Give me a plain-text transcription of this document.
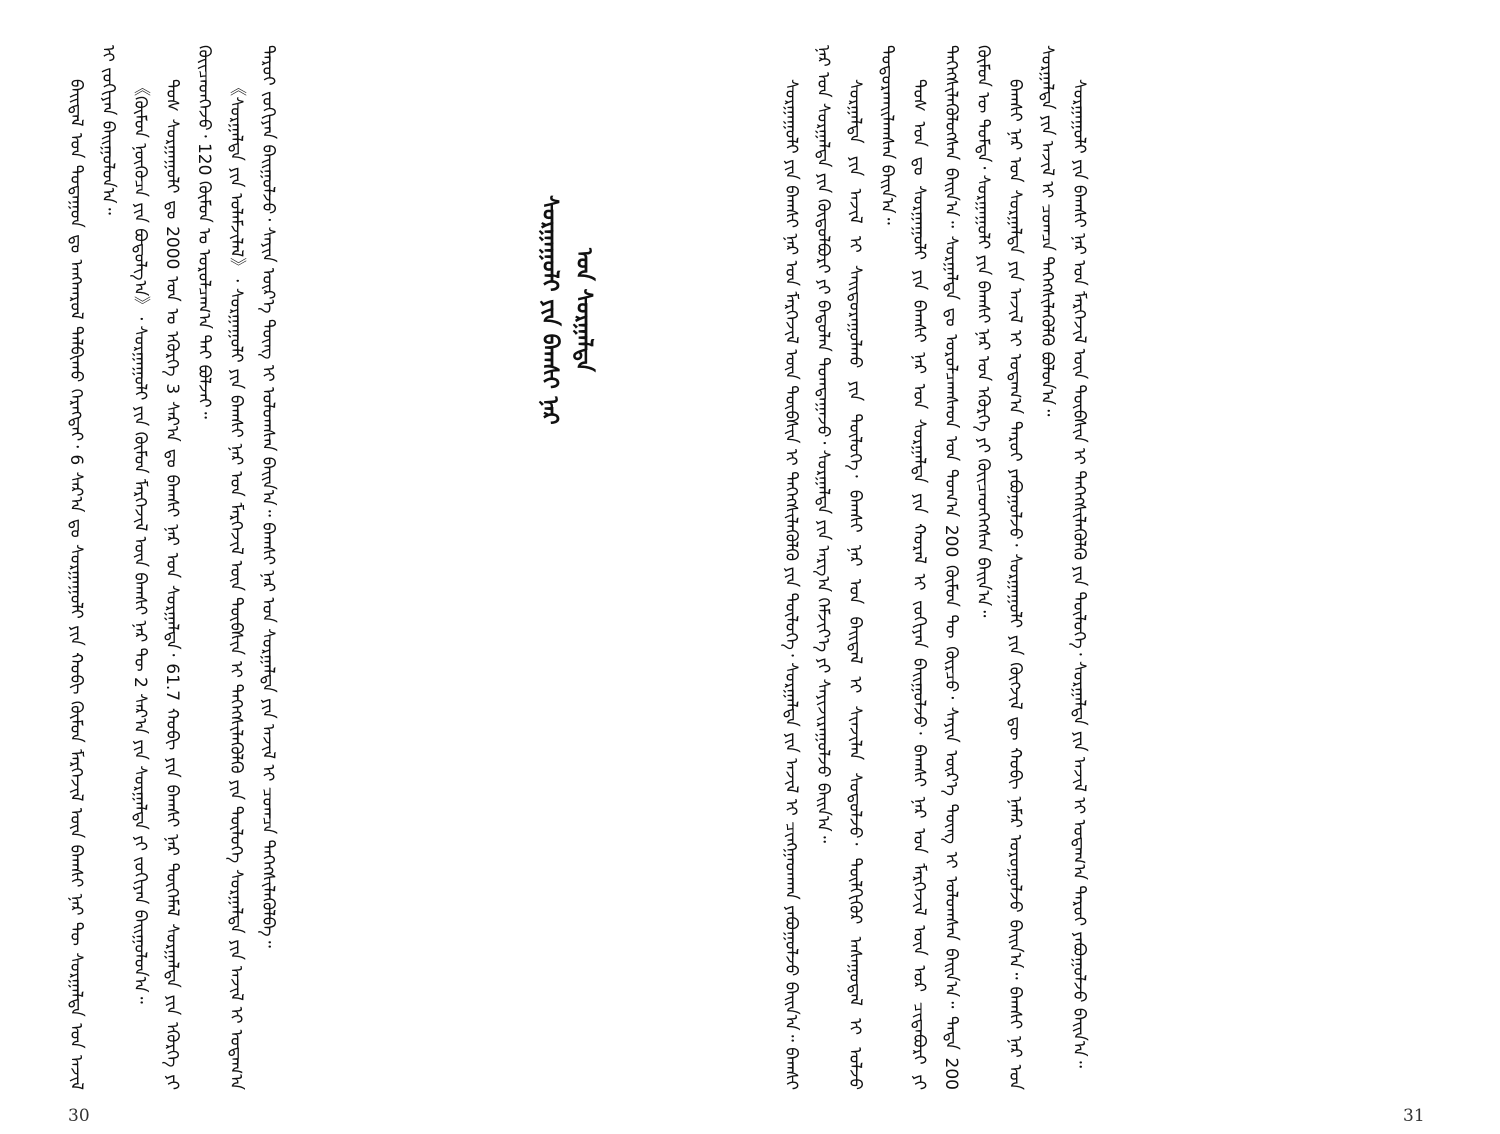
ᠪᠠᠢᠳᠠᠯ ᠤᠨ ᠳᠤᠲᠠᠭᠤᠨ ᠳᠤ ᠠᠩᠬᠠᠷᠤᠯ ᠲᠠᠯᠪᠢᠬᠤ ᠬᠡᠷᠡᠭᠲᠡᠢ᠂ 6 ᠰᠠᠷ᠎ᠠ ᠳᠤ ᠰᠤᠷᠭᠠᠭᠤᠯᠢ ᠶᠢᠨ ᠬᠤᠪᠢ ᠬᠦᠮᠦᠨ ᠮᠡᠷᠭᠡᠵᠢᠯ ᠦᠨ ᠪᠠᠭᠰᠢ ᠨᠠᠷ ᠲᠦ ᠰᠤᠷᠭᠠᠯᠲᠠ ᠤᠨ ᠠᠵᠢᠯ ᠢ ᠵᠤᠬᠢᠶᠠᠨ ᠪᠠᠢᠭᠤᠯᠤᠨ᠎ᠠ᠃ 《ᠬᠦᠮᠦᠨ ᠨᠥᠭᠦᠴᠡ ᠶᠢᠨ ᠪᠣᠳᠣᠯᠭ᠎ᠠ》᠂ ᠰᠤᠷᠭᠠᠭᠤᠯᠢ ᠶᠢᠨ ᠬᠦᠮᠦᠨ ᠮᠡᠷᠭᠡᠵᠢᠯ ᠦᠨ ᠪᠠᠭᠰᠢ ᠨᠠᠷ ᠲᠦ 2 ᠰᠠᠷ᠎ᠠ ᠶᠢᠨ ᠰᠤᠷᠭᠠᠯᠲᠠ ᠶᠢ ᠵᠤᠬᠢᠶᠠᠨ ᠪᠠᠢᠭᠤᠯᠤᠨ᠎ᠠ᠃ ᠲᠤᠰ ᠰᠤᠷᠭᠠᠭᠤᠯᠢ ᠳᠤ 2000 ᠣᠨ ᠤ ᠡᠭᠦᠷᠭᠡ 3 ᠰᠠᠷ᠎ᠠ ᠳᠤ ᠪᠠᠭᠰᠢ ᠨᠠᠷ ᠤᠨ ᠰᠤᠷᠭᠠᠯᠲᠠ᠂ 61.7 ᠬᠤᠪᠢ ᠶᠢᠨ ᠪᠠᠭᠰᠢ ᠨᠠᠷ ᠲᠦᠭᠡᠮᠡᠯ ᠰᠤᠷᠭᠠᠯᠲᠠ ᠶᠢᠨ ᠡᠭᠦᠷᠭᠡ ᠶᠢ ᠭᠦᠢᠴᠡᠳᠭᠡᠵᠦ᠂ 120 ᠬᠦᠮᠦᠨ ᠤ ᠤᠷᠤᠯᠴᠠᠭ᠎ᠠ ᠲᠠᠢ ᠪᠣᠯᠵᠠᠢ᠃ 《ᠰᠤᠷᠭᠠᠯᠲᠠ ᠶᠢᠨ ᠤᠯᠠᠮᠵᠢᠯᠠᠯ》᠂ ᠰᠤᠷᠭᠠᠭᠤᠯᠢ ᠶᠢᠨ ᠪᠠᠭᠰᠢ ᠨᠠᠷ ᠤᠨ ᠮᠡᠷᠭᠡᠵᠢᠯ ᠦᠨ ᠲᠦᠪᠰᠢᠨ ᠢ ᠳᠡᠭᠡᠭᠰᠢᠯᠡᠭᠦᠯᠬᠦ ᠶᠢᠨ ᠲᠥᠯᠥᠭᠡ ᠰᠤᠷᠭᠠᠯᠲᠠ ᠶᠢᠨ ᠠᠵᠢᠯ ᠢ ᠤᠳᠠᠭ᠎ᠠ ᠳᠠᠷᠤᠢ ᠵᠤᠬᠢᠶᠠᠨ ᠪᠠᠢᠭᠤᠯᠵᠤ᠂ ᠰᠠᠶᠢᠨ ᠦᠷ᠎ᠡ ᠳᠦᠩ ᠢ ᠣᠯᠤᠭᠰᠠᠨ ᠪᠠᠢᠨ᠎ᠠ᠃ ᠪᠠᠭᠰᠢ ᠨᠠᠷ ᠤᠨ ᠰᠤᠷᠭᠠᠯᠲᠠ ᠶᠢᠨ ᠠᠵᠢᠯ ᠢ ᠴᠤᠭᠴᠠ ᠳᠡᠭᠡᠭᠰᠢᠯᠡᠭᠦᠯᠪᠡ᠃	ᠰᠤᠷᠭᠠᠭᠤᠯᠢ ᠶᠢᠨ ᠪᠠᠭᠰᠢ ᠨᠠᠷ ᠤᠨ ᠰᠤᠷᠭᠠᠯᠲᠠ
30

ᠰᠤᠷᠭᠠᠭᠤᠯᠢ ᠶᠢᠨ ᠪᠠᠭᠰᠢ ᠨᠠᠷ ᠤᠨ ᠮᠡᠷᠭᠡᠵᠢᠯ ᠦᠨ ᠲᠦᠪᠰᠢᠨ ᠢ ᠳᠡᠭᠡᠭᠰᠢᠯᠡᠭᠦᠯᠬᠦ ᠶᠢᠨ ᠲᠥᠯᠥᠭᠡ᠂ ᠰᠤᠷᠭᠠᠯᠲᠠ ᠶᠢᠨ ᠠᠵᠢᠯ ᠢ ᠴᠢᠩᠭᠠᠳᠬᠠᠨ ᠶᠠᠪᠤᠭᠤᠯᠵᠤ ᠪᠠᠢᠨ᠎ᠠ᠃ ᠪᠠᠭᠰᠢ ᠨᠠᠷ ᠤᠨ ᠰᠤᠷᠭᠠᠯᠲᠠ ᠶᠢᠨ ᠬᠥᠲᠥᠯᠪᠦᠷᠢ ᠶᠢ ᠪᠠᠲᠤᠯᠠᠨ ᠲᠣᠭᠲᠠᠭᠠᠵᠤ᠂ ᠰᠤᠷᠭᠠᠯᠲᠠ ᠶᠢᠨ ᠠᠷᠭ᠎ᠠ ᠬᠡᠮᠵᠢᠶ᠎ᠡ ᠶᠢ ᠰᠠᠶᠢᠵᠢᠷᠠᠭᠤᠯᠵᠤ ᠪᠠᠢᠨ᠎ᠠ᠃ ᠰᠤᠷᠭᠠᠯᠲᠠ ᠶᠢᠨ ᠠᠵᠢᠯ ᠢ ᠰᠠᠢᠳᠤᠷᠠᠭᠤᠯᠬᠤ ᠶᠢᠨ ᠲᠥᠯᠥᠭᠡ᠂ ᠪᠠᠭᠰᠢ ᠨᠠᠷ ᠤᠨ ᠪᠠᠢᠳᠠᠯ ᠢ ᠰᠢᠨᠵᠢᠯᠡᠨ ᠰᠤᠳᠤᠯᠵᠤ᠂ ᠲᠦᠯᠬᠢᠭᠦᠷ ᠠᠰᠠᠭᠤᠳᠠᠯ ᠢ ᠣᠯᠵᠤ ᠲᠣᠳᠣᠷᠬᠠᠢᠯᠠᠭᠰᠠᠨ ᠪᠠᠢᠨ᠎ᠠ᠃ ᠲᠤᠰ ᠣᠨ ᠳᠤ ᠰᠤᠷᠭᠠᠭᠤᠯᠢ ᠶᠢᠨ ᠪᠠᠭᠰᠢ ᠨᠠᠷ ᠤᠨ ᠰᠤᠷᠭᠠᠯᠲᠠ ᠶᠢᠨ ᠬᠤᠷᠠᠯ ᠢ ᠵᠤᠬᠢᠶᠠᠨ ᠪᠠᠢᠭᠤᠯᠵᠤ᠂ ᠪᠠᠭᠰᠢ ᠨᠠᠷ ᠤᠨ ᠮᠡᠷᠭᠡᠵᠢᠯ ᠦᠨ ᠤᠷ ᠴᠢᠳᠠᠪᠤᠷᠢ ᠶᠢ ᠳᠡᠭᠡᠭᠰᠢᠯᠡᠭᠦᠯᠦᠭᠰᠡᠨ ᠪᠠᠢᠨ᠎ᠠ᠃ ᠰᠤᠷᠭᠠᠯᠲᠠ ᠳᠤ ᠣᠷᠤᠯᠴᠠᠭᠰᠠᠳ ᠤᠨ ᠲᠣᠭ᠎ᠠ 200 ᠬᠦᠮᠦᠨ ᠲᠦ ᠬᠦᠷᠴᠦ᠂ ᠰᠠᠶᠢᠨ ᠦᠷ᠎ᠡ ᠳᠦᠩ ᠢ ᠣᠯᠤᠭᠰᠠᠨ ᠪᠠᠢᠨ᠎ᠠ᠃ ᠲᠡᠳᠡ 200 ᠬᠦᠮᠦᠨ ᠦ ᠳᠤᠮᠳᠠ᠂ ᠰᠤᠷᠭᠠᠭᠤᠯᠢ ᠶᠢᠨ ᠪᠠᠭᠰᠢ ᠨᠠᠷ ᠤᠨ ᠡᠭᠦᠷᠭᠡ ᠶᠢ ᠭᠦᠢᠴᠡᠳᠭᠡᠭᠰᠡᠨ ᠪᠠᠢᠨ᠎ᠠ᠃ ᠪᠠᠭᠰᠢ ᠨᠠᠷ ᠤᠨ ᠰᠤᠷᠭᠠᠯᠲᠠ ᠶᠢᠨ ᠠᠵᠢᠯ ᠢ ᠤᠳᠠᠭ᠎ᠠ ᠳᠠᠷᠤᠢ ᠶᠠᠪᠤᠭᠤᠯᠵᠤ᠂ ᠰᠤᠷᠭᠠᠭᠤᠯᠢ ᠶᠢᠨ ᠬᠥᠭᠵᠢᠯ ᠳᠦ ᠬᠤᠪᠢ ᠨᠡᠮᠡᠷ ᠣᠷᠤᠭᠤᠯᠵᠤ ᠪᠠᠢᠨ᠎ᠠ᠃ ᠪᠠᠭᠰᠢ ᠨᠠᠷ ᠤᠨ ᠰᠤᠷᠭᠠᠯᠲᠠ ᠶᠢᠨ ᠠᠵᠢᠯ ᠢ ᠴᠤᠭᠴᠠ ᠳᠡᠭᠡᠭᠰᠢᠯᠡᠭᠦᠯᠬᠦ ᠪᠣᠯᠣᠨ᠎ᠠ᠃ ᠰᠤᠷᠭᠠᠭᠤᠯᠢ ᠶᠢᠨ ᠪᠠᠭᠰᠢ ᠨᠠᠷ ᠤᠨ ᠮᠡᠷᠭᠡᠵᠢᠯ ᠦᠨ ᠲᠦᠪᠰᠢᠨ ᠢ ᠳᠡᠭᠡᠭᠰᠢᠯᠡᠭᠦᠯᠬᠦ ᠶᠢᠨ ᠲᠥᠯᠥᠭᠡ᠂ ᠰᠤᠷᠭᠠᠯᠲᠠ ᠶᠢᠨ ᠠᠵᠢᠯ ᠢ ᠤᠳᠠᠭ᠎ᠠ ᠳᠠᠷᠤᠢ ᠶᠠᠪᠤᠭᠤᠯᠵᠤ ᠪᠠᠢᠨ᠎ᠠ᠃

31
